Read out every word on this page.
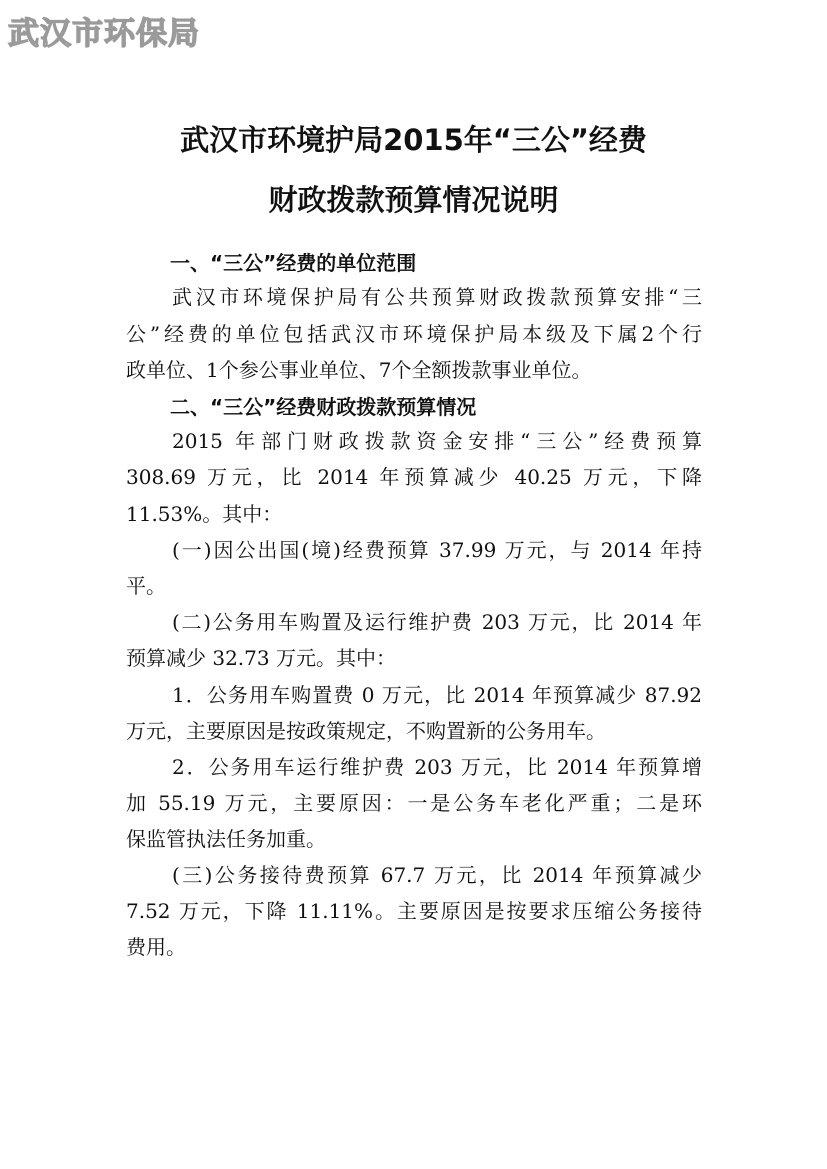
武汉市环保局
武汉市环境护局2015年“三公”经费
财政拨款预算情况说明
一、“三公”经费的单位范围
武汉市环境保护局有公共预算财政拨款预算安排“三
公”经费的单位包括武汉市环境保护局本级及下属2个行
政单位、1个参公事业单位、7个全额拨款事业单位。
二、“三公”经费财政拨款预算情况
2015 年部门财政拨款资金安排“三公”经费预算
308.69 万元，比 2014 年预算减少 40.25 万元，下降
11.53%。其中：
(一)因公出国(境)经费预算 37.99 万元，与 2014 年持
平。
(二)公务用车购置及运行维护费 203 万元，比 2014 年
预算减少 32.73 万元。其中：
1．公务用车购置费 0 万元，比 2014 年预算减少 87.92
万元，主要原因是按政策规定，不购置新的公务用车。
2．公务用车运行维护费 203 万元，比 2014 年预算增
加 55.19 万元，主要原因：一是公务车老化严重；二是环
保监管执法任务加重。
(三)公务接待费预算 67.7 万元，比 2014 年预算减少
7.52 万元，下降 11.11%。主要原因是按要求压缩公务接待
费用。
